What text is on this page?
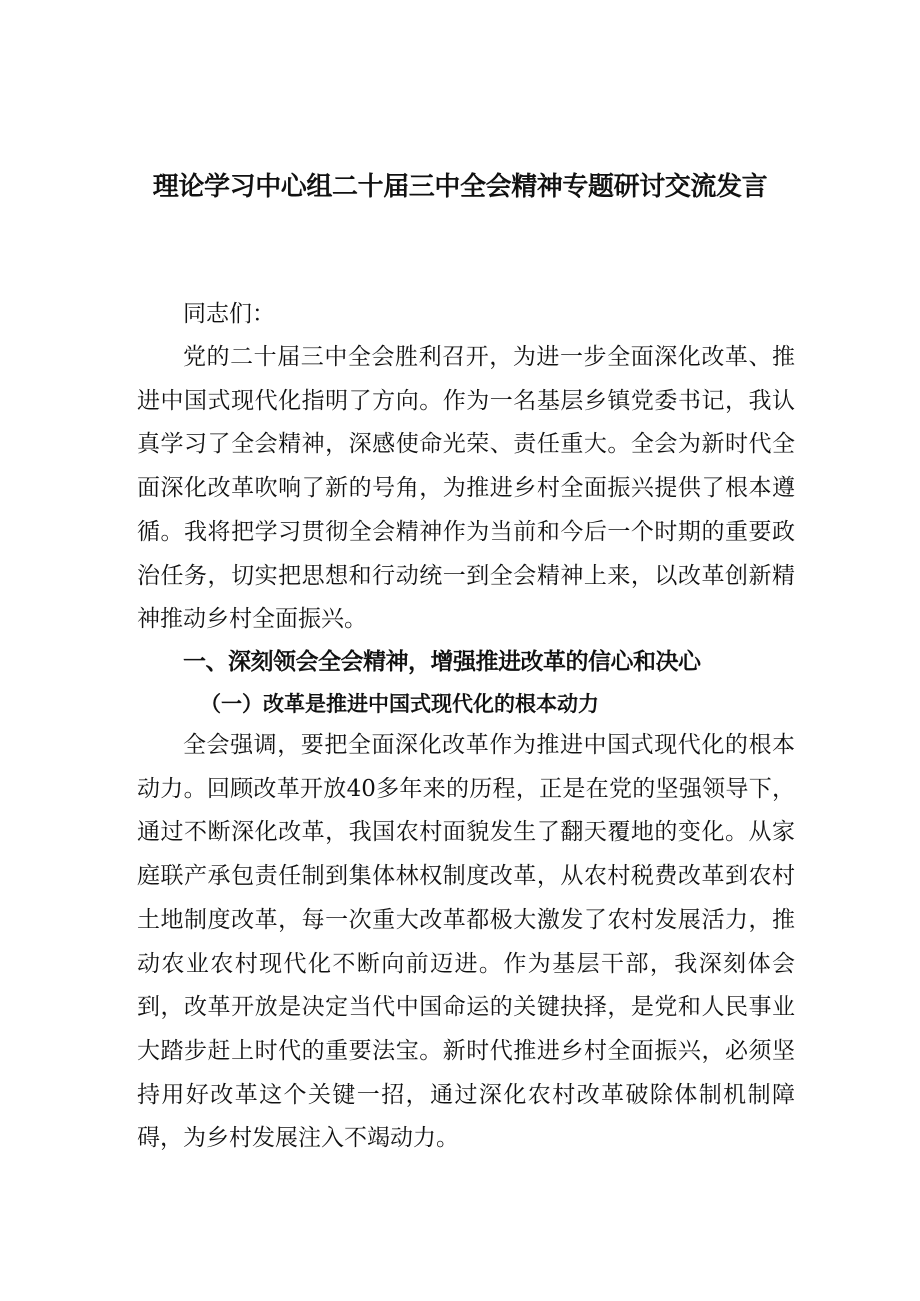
理论学习中心组二十届三中全会精神专题研讨交流发言

同志们：

党的二十届三中全会胜利召开，为进一步全面深化改革、推进中国式现代化指明了方向。作为一名基层乡镇党委书记，我认真学习了全会精神，深感使命光荣、责任重大。全会为新时代全面深化改革吹响了新的号角，为推进乡村全面振兴提供了根本遵循。我将把学习贯彻全会精神作为当前和今后一个时期的重要政治任务，切实把思想和行动统一到全会精神上来，以改革创新精神推动乡村全面振兴。

一、深刻领会全会精神，增强推进改革的信心和决心
（一）改革是推进中国式现代化的根本动力

全会强调，要把全面深化改革作为推进中国式现代化的根本动力。回顾改革开放40多年来的历程，正是在党的坚强领导下，通过不断深化改革，我国农村面貌发生了翻天覆地的变化。从家庭联产承包责任制到集体林权制度改革，从农村税费改革到农村土地制度改革，每一次重大改革都极大激发了农村发展活力，推动农业农村现代化不断向前迈进。作为基层干部，我深刻体会到，改革开放是决定当代中国命运的关键抉择，是党和人民事业大踏步赶上时代的重要法宝。新时代推进乡村全面振兴，必须坚持用好改革这个关键一招，通过深化农村改革破除体制机制障碍，为乡村发展注入不竭动力。
